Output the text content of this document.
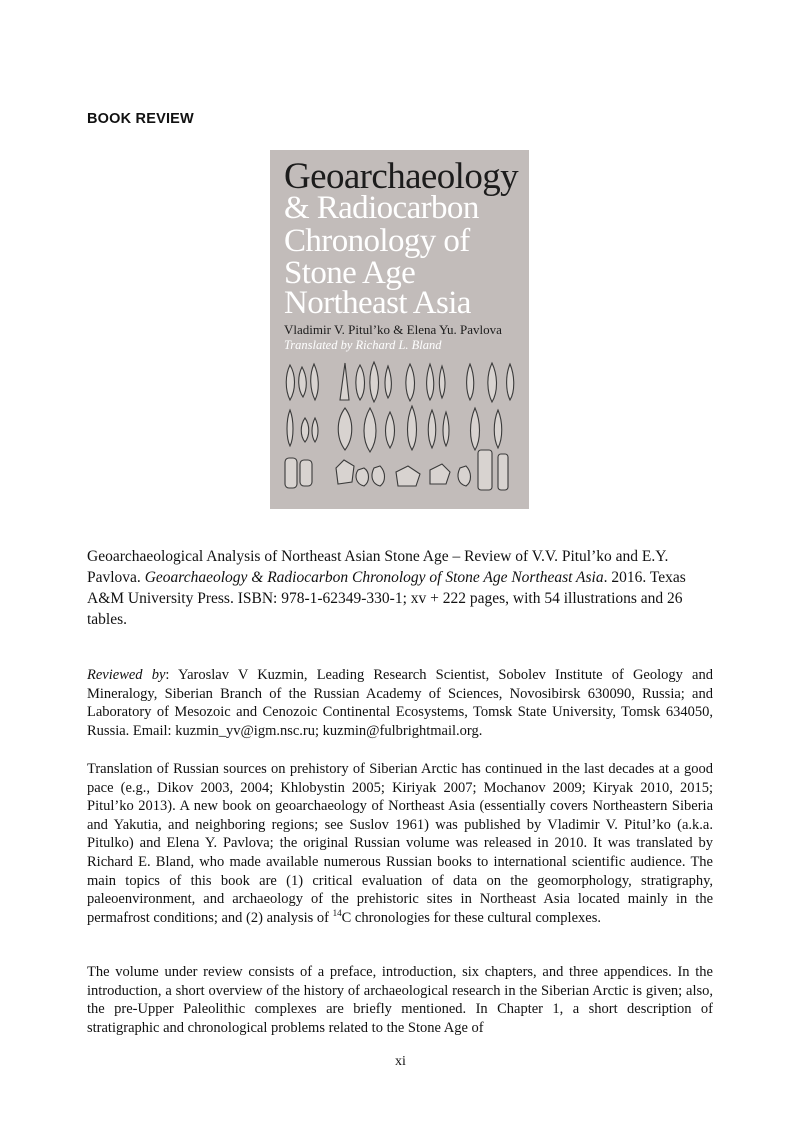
BOOK REVIEW
Geoarchaeology
& Radiocarbon
Chronology of
Stone Age
Northeast Asia
Vladimir V. Pitul’ko & Elena Yu. Pavlova
Translated by Richard L. Bland

Geoarchaeological Analysis of Northeast Asian Stone Age – Review of V.V. Pitul’ko and E.Y. Pavlova. Geoarchaeology & Radiocarbon Chronology of Stone Age Northeast Asia. 2016. Texas A&M University Press. ISBN: 978-1-62349-330-1; xv + 222 pages, with 54 illustrations and 26 tables.

Reviewed by: Yaroslav V Kuzmin, Leading Research Scientist, Sobolev Institute of Geology and Mineralogy, Siberian Branch of the Russian Academy of Sciences, Novosibirsk 630090, Russia; and Laboratory of Mesozoic and Cenozoic Continental Ecosystems, Tomsk State University, Tomsk 634050, Russia. Email: kuzmin_yv@igm.nsc.ru; kuzmin@fulbrightmail.org.

Translation of Russian sources on prehistory of Siberian Arctic has continued in the last decades at a good pace (e.g., Dikov 2003, 2004; Khlobystin 2005; Kiriyak 2007; Mochanov 2009; Kiryak 2010, 2015; Pitul’ko 2013). A new book on geoarchaeology of Northeast Asia (essentially covers Northeastern Siberia and Yakutia, and neighboring regions; see Suslov 1961) was published by Vladimir V. Pitul’ko (a.k.a. Pitulko) and Elena Y. Pavlova; the original Russian volume was released in 2010. It was translated by Richard E. Bland, who made available numerous Russian books to international scientific audience. The main topics of this book are (1) critical evaluation of data on the geomorphology, stratigraphy, paleoenvironment, and archaeology of the prehistoric sites in Northeast Asia located mainly in the permafrost conditions; and (2) analysis of $^{14}$C chronologies for these cultural complexes.

The volume under review consists of a preface, introduction, six chapters, and three appendices. In the introduction, a short overview of the history of archaeological research in the Siberian Arctic is given; also, the pre-Upper Paleolithic complexes are briefly mentioned. In Chapter 1, a short description of stratigraphic and chronological problems related to the Stone Age of

xi
